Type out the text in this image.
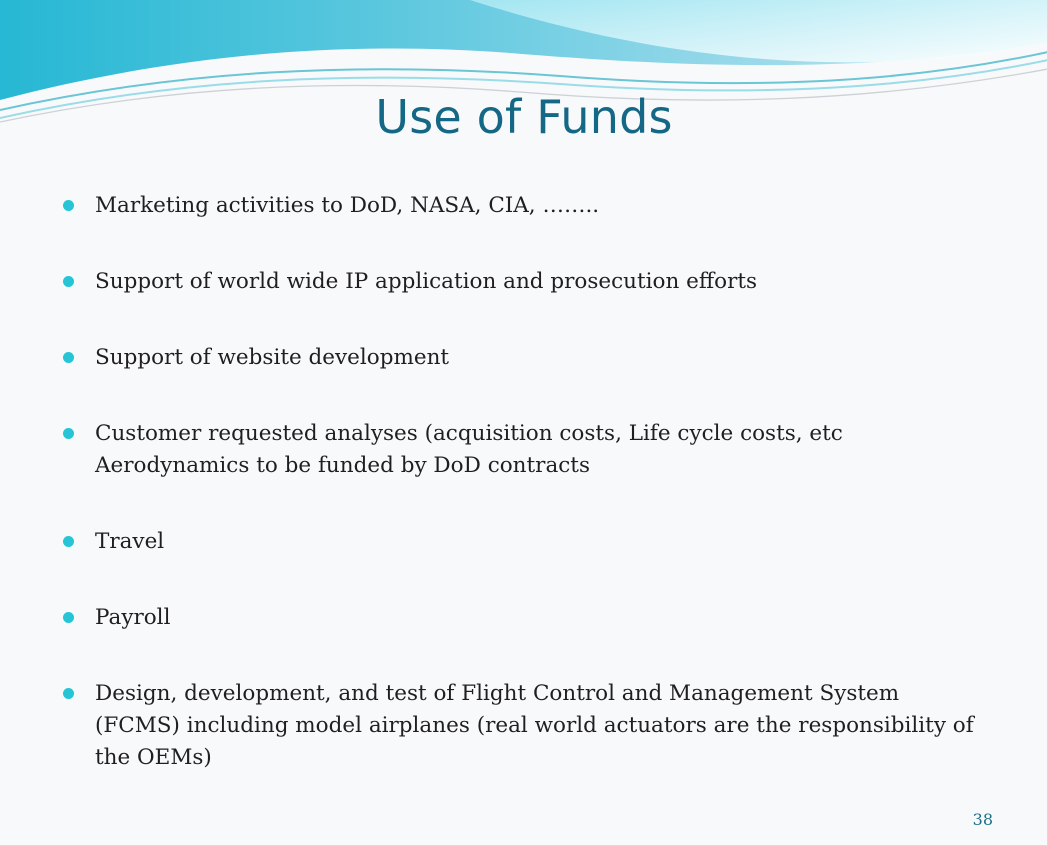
Use of Funds
Marketing activities to DoD, NASA, CIA, ……..
Support of world wide IP application and prosecution efforts
Support of website development
Customer requested analyses (acquisition costs, Life cycle costs, etc Aerodynamics to be funded by DoD contracts
Travel
Payroll
Design, development, and test of Flight Control and Management System (FCMS) including model airplanes (real world actuators are the responsibility of the OEMs)
38
